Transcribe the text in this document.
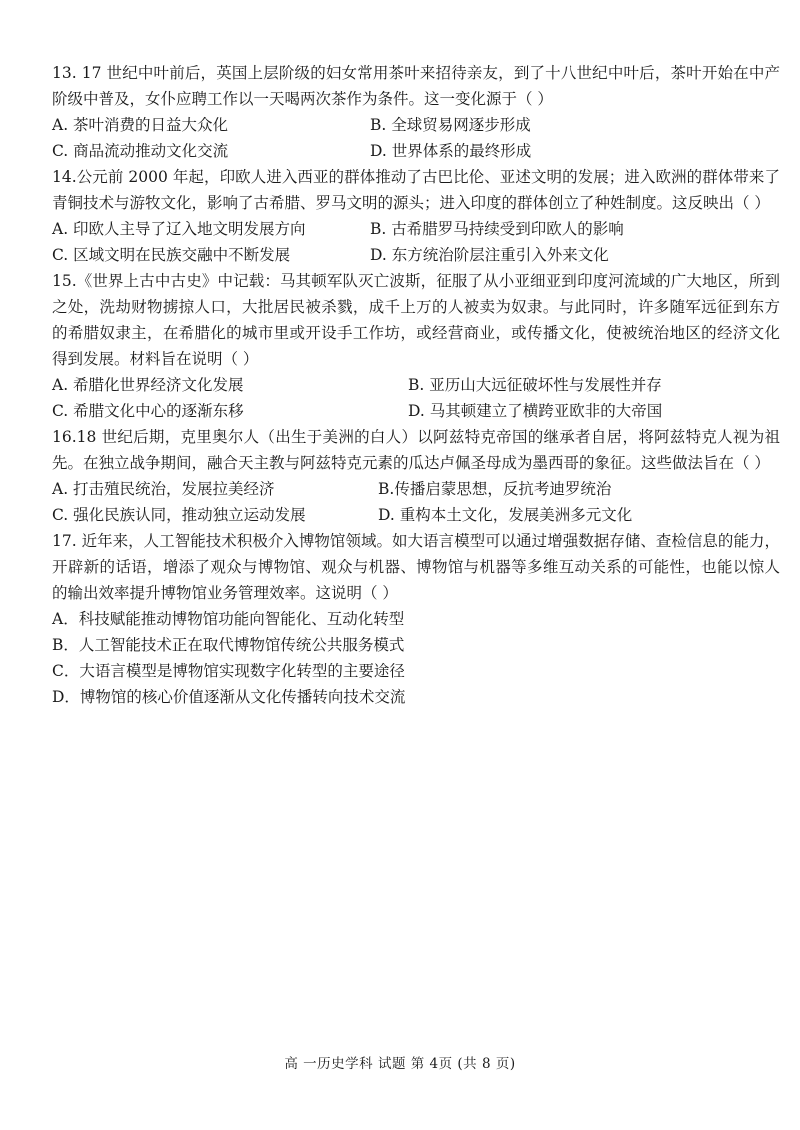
13. 17 世纪中叶前后，英国上层阶级的妇女常用茶叶来招待亲友，到了十八世纪中叶后，茶叶开始在中产阶级中普及，女仆应聘工作以一天喝两次茶作为条件。这一变化源于（ ）

A. 茶叶消费的日益大众化	B. 全球贸易网逐步形成
C. 商品流动推动文化交流	D. 世界体系的最终形成

14.公元前 2000 年起，印欧人进入西亚的群体推动了古巴比伦、亚述文明的发展；进入欧洲的群体带来了青铜技术与游牧文化，影响了古希腊、罗马文明的源头；进入印度的群体创立了种姓制度。这反映出（ ）

A. 印欧人主导了辽入地文明发展方向	B. 古希腊罗马持续受到印欧人的影响
C. 区域文明在民族交融中不断发展	D. 东方统治阶层注重引入外来文化

15.《世界上古中古史》中记载：马其顿军队灭亡波斯，征服了从小亚细亚到印度河流域的广大地区，所到之处，洗劫财物掳掠人口，大批居民被杀戮，成千上万的人被卖为奴隶。与此同时，许多随军远征到东方的希腊奴隶主，在希腊化的城市里或开设手工作坊，或经营商业，或传播文化，使被统治地区的经济文化得到发展。材料旨在说明（ ）

A. 希腊化世界经济文化发展	B. 亚历山大远征破坏性与发展性并存
C. 希腊文化中心的逐渐东移	D. 马其顿建立了横跨亚欧非的大帝国

16.18 世纪后期，克里奥尔人（出生于美洲的白人）以阿兹特克帝国的继承者自居，将阿兹特克人视为祖先。在独立战争期间，融合天主教与阿兹特克元素的瓜达卢佩圣母成为墨西哥的象征。这些做法旨在（ ）

A. 打击殖民统治，发展拉美经济	B.传播启蒙思想，反抗考迪罗统治
C. 强化民族认同，推动独立运动发展	D. 重构本土文化，发展美洲多元文化

17. 近年来，人工智能技术积极介入博物馆领域。如大语言模型可以通过增强数据存储、查检信息的能力，开辟新的话语，增添了观众与博物馆、观众与机器、博物馆与机器等多维互动关系的可能性，也能以惊人的输出效率提升博物馆业务管理效率。这说明（ ）

A．科技赋能推动博物馆功能向智能化、互动化转型
B．人工智能技术正在取代博物馆传统公共服务模式
C．大语言模型是博物馆实现数字化转型的主要途径
D．博物馆的核心价值逐渐从文化传播转向技术交流
高 一历史学科 试题 第 4页 (共 8 页)
